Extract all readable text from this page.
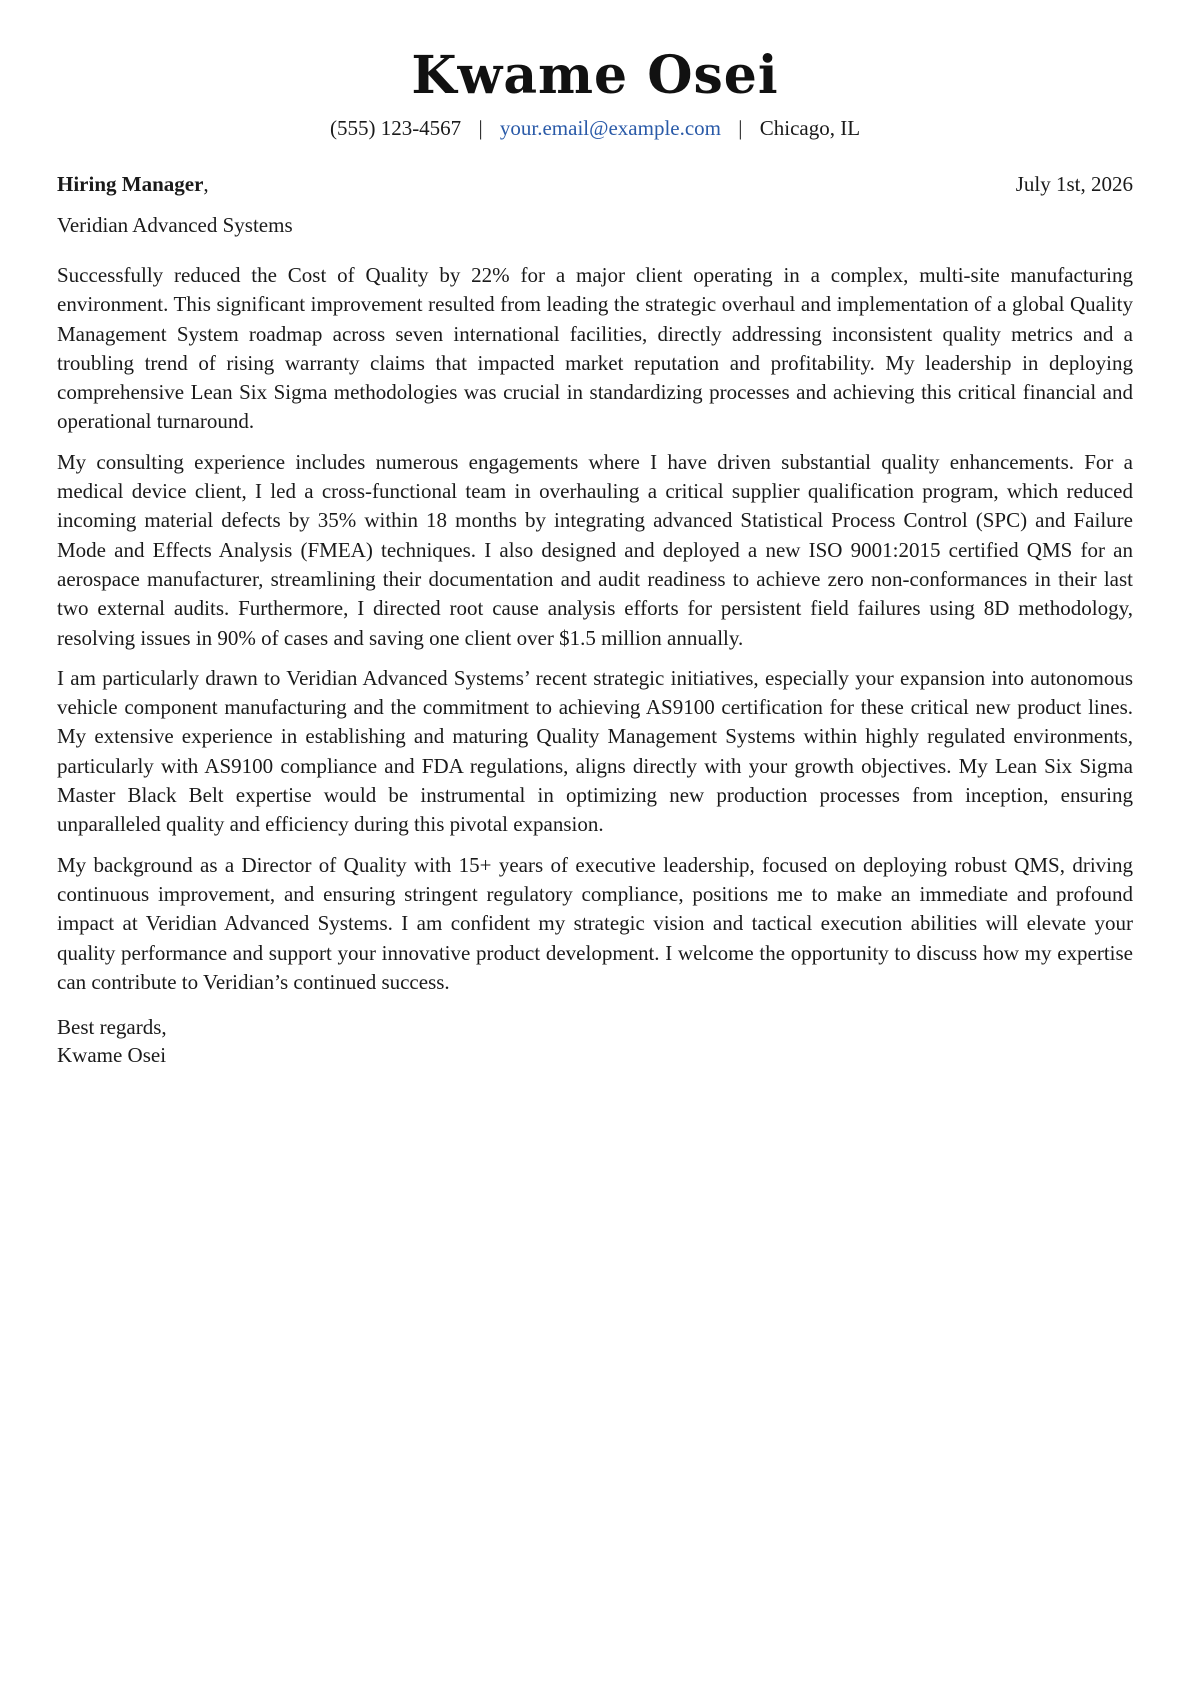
Kwame Osei
(555) 123-4567 | your.email@example.com | Chicago, IL
Hiring Manager,	July 1st, 2026
Veridian Advanced Systems

Successfully reduced the Cost of Quality by 22% for a major client operating in a complex, multi-site manufacturing environment. This significant improvement resulted from leading the strategic overhaul and implementation of a global Quality Management System roadmap across seven international facilities, directly addressing inconsistent quality metrics and a troubling trend of rising warranty claims that impacted market reputation and profitability. My leadership in deploying comprehensive Lean Six Sigma methodologies was crucial in standardizing processes and achieving this critical financial and operational turnaround.

My consulting experience includes numerous engagements where I have driven substantial quality enhancements. For a medical device client, I led a cross-functional team in overhauling a critical supplier qualification program, which reduced incoming material defects by 35% within 18 months by integrating advanced Statistical Process Control (SPC) and Failure Mode and Effects Analysis (FMEA) techniques. I also designed and deployed a new ISO 9001:2015 certified QMS for an aerospace manufacturer, streamlining their documentation and audit readiness to achieve zero non-conformances in their last two external audits. Furthermore, I directed root cause analysis efforts for persistent field failures using 8D methodology, resolving issues in 90% of cases and saving one client over $1.5 million annually.

I am particularly drawn to Veridian Advanced Systems’ recent strategic initiatives, especially your expansion into autonomous vehicle component manufacturing and the commitment to achieving AS9100 certification for these critical new product lines. My extensive experience in establishing and maturing Quality Management Systems within highly regulated environments, particularly with AS9100 compliance and FDA regulations, aligns directly with your growth objectives. My Lean Six Sigma Master Black Belt expertise would be instrumental in optimizing new production processes from inception, ensuring unparalleled quality and efficiency during this pivotal expansion.

My background as a Director of Quality with 15+ years of executive leadership, focused on deploying robust QMS, driving continuous improvement, and ensuring stringent regulatory compliance, positions me to make an immediate and profound impact at Veridian Advanced Systems. I am confident my strategic vision and tactical execution abilities will elevate your quality performance and support your innovative product development. I welcome the opportunity to discuss how my expertise can contribute to Veridian’s continued success.

Best regards,
Kwame Osei
